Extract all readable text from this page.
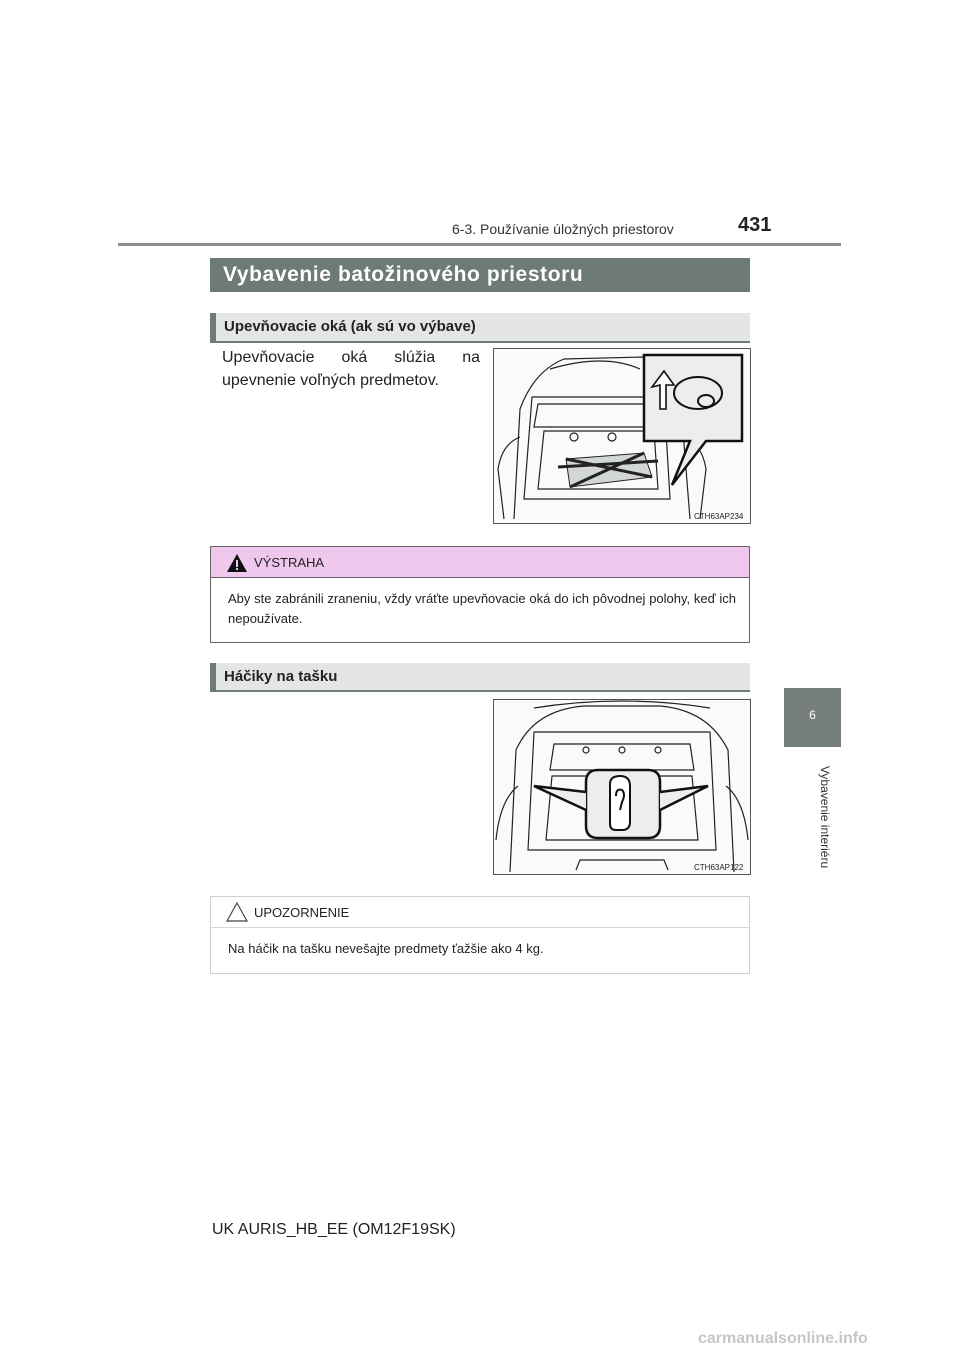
6-3. Používanie úložných priestorov	431
6
Vybavenie interiéru
Vybavenie batožinového priestoru
Upevňovacie oká (ak sú vo výbave)
Upevňovacie oká slúžia na upevnenie voľných predmetov.
CTH63AP234
VÝSTRAHA
Aby ste zabránili zraneniu, vždy vráťte upevňovacie oká do ich pôvodnej polohy, keď ich nepoužívate.
Háčiky na tašku
CTH63AP122
UPOZORNENIE
Na háčik na tašku nevešajte predmety ťažšie ako 4 kg.
UK AURIS_HB_EE (OM12F19SK)
carmanualsonline.info
